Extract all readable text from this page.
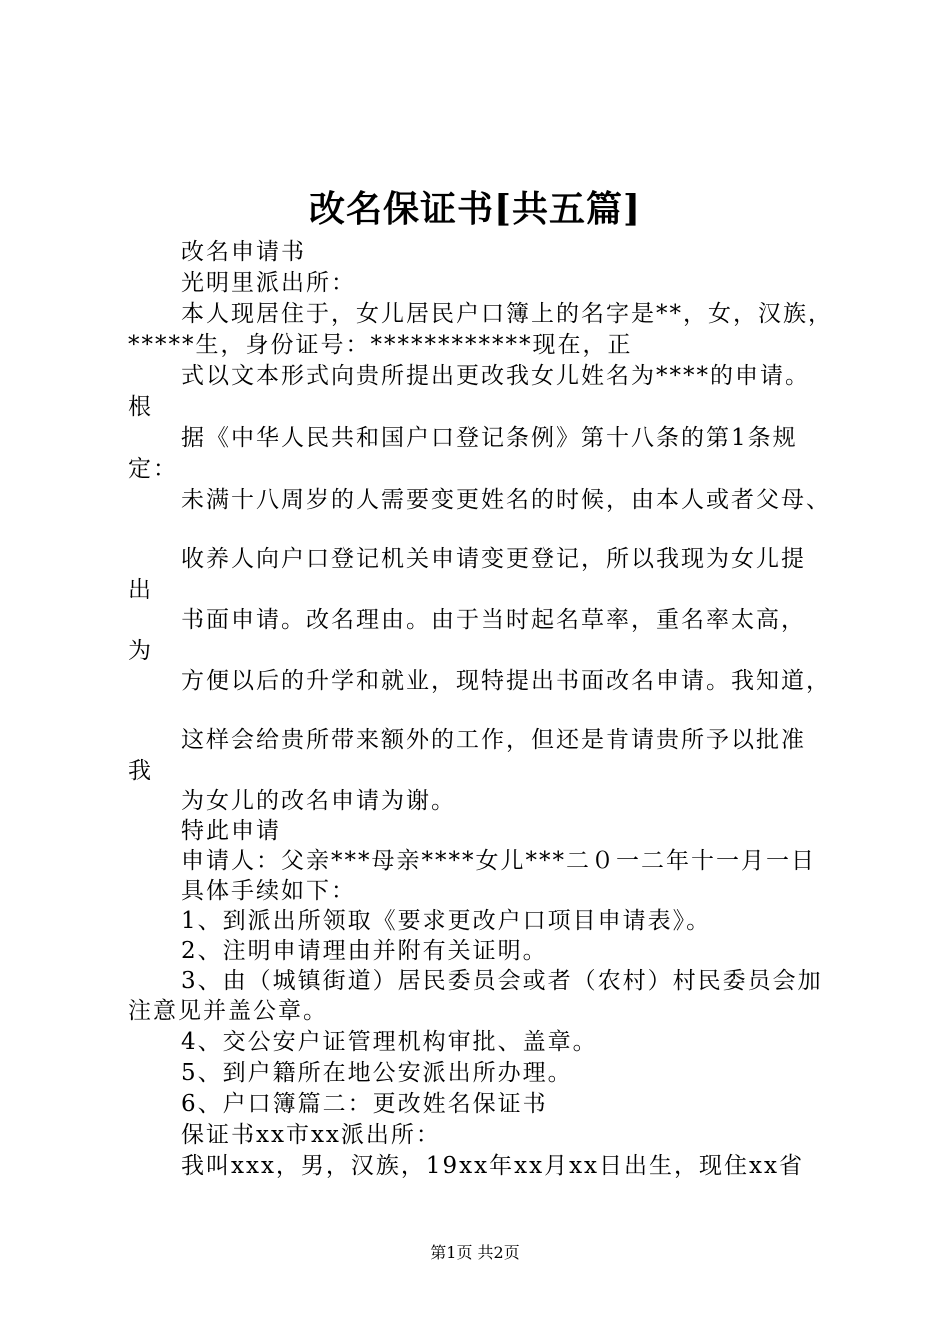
改名保证书[共五篇]
改名申请书
光明里派出所：
本人现居住于，女儿居民户口簿上的名字是**，女，汉族，
*****生，身份证号：************现在，正
式以文本形式向贵所提出更改我女儿姓名为****的申请。
根
据《中华人民共和国户口登记条例》第十八条的第1条规
定：
未满十八周岁的人需要变更姓名的时候，由本人或者父母、
收养人向户口登记机关申请变更登记，所以我现为女儿提
出
书面申请。改名理由。由于当时起名草率，重名率太高，
为
方便以后的升学和就业，现特提出书面改名申请。我知道，
这样会给贵所带来额外的工作，但还是肯请贵所予以批准
我
为女儿的改名申请为谢。
特此申请
申请人：父亲***母亲****女儿***二０一二年十一月一日
具体手续如下：
1、到派出所领取《要求更改户口项目申请表》。
2、注明申请理由并附有关证明。
3、由（城镇街道）居民委员会或者（农村）村民委员会加
注意见并盖公章。
4、交公安户证管理机构审批、盖章。
5、到户籍所在地公安派出所办理。
6、户口簿篇二：更改姓名保证书
保证书xx市xx派出所：
我叫xxx，男，汉族，19xx年xx月xx日出生，现住xx省
第1页 共2页
